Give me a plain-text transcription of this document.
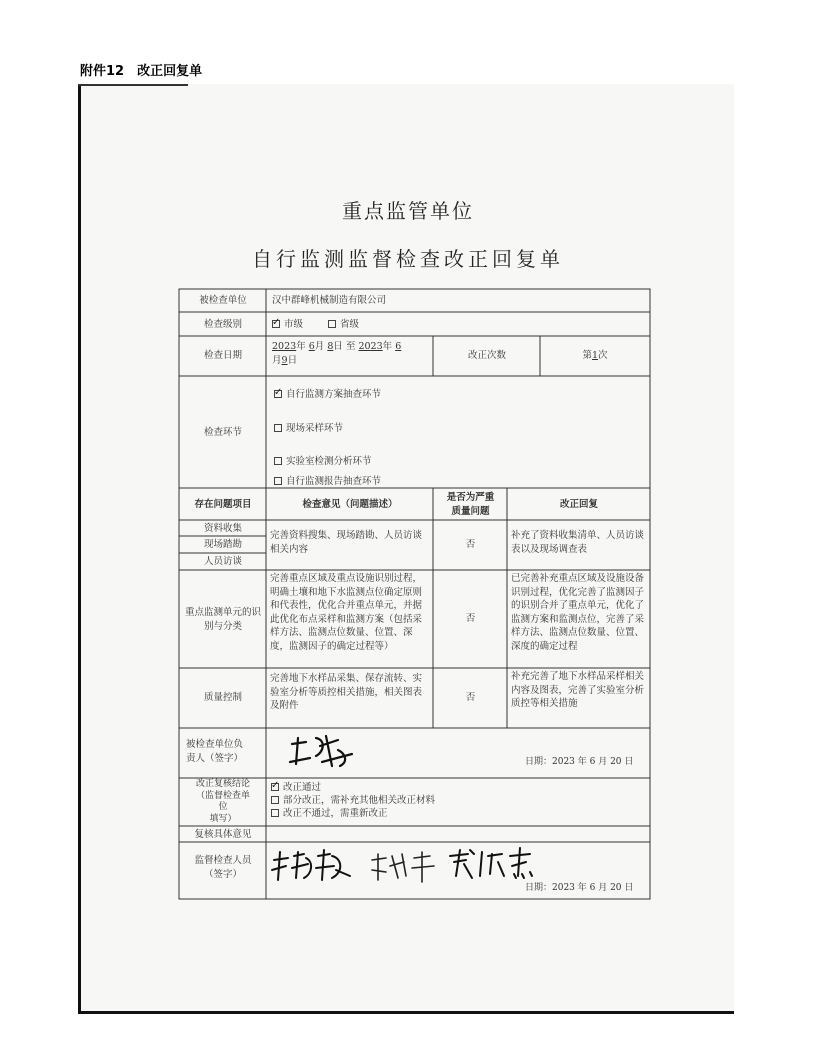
附件12　改正回复单
重点监管单位
自行监测监督检查改正回复单
被检查单位	汉中群峰机械制造有限公司
检查级别
✓	市级	省级
检查日期
2023年 6月 8日 至 2023年 6
月9日	改正次数	第1次
检查环节
✓自行监测方案抽查环节
现场采样环节
实验室检测分析环节
自行监测报告抽查环节
存在问题项目	检查意见（问题描述）
是否为严重
质量问题
改正回复
资料收集
现场踏勘
人员访谈
完善资料搜集、现场踏勘、人员访谈相关内容	否
补充了资料收集清单、人员访谈表以及现场调查表
重点监测单元的识别与分类
完善重点区域及重点设施识别过程，明确土壤和地下水监测点位确定原则和代表性，优化合并重点单元，并据此优化布点采样和监测方案（包括采样方法、监测点位数量、位置、深度，监测因子的确定过程等）
否
已完善补充重点区域及设施设备识别过程，优化完善了监测因子的识别合并了重点单元，优化了监测方案和监测点位，完善了采样方法、监测点位数量、位置、深度的确定过程
质量控制
完善地下水样品采集、保存流转、实验室分析等质控相关措施，相关图表及附件
否
补充完善了地下水样品采样相关内容及图表，完善了实验室分析质控等相关措施
被检查单位负
责人（签字）	日期：2023 年 6 月 20 日
改正复核结论
（监督检查单
位
填写）
✓改正通过
部分改正，需补充其他相关改正材料
改正不通过，需重新改正
复核具体意见
监督检查人员
（签字）
日期：2023 年 6 月 20 日
